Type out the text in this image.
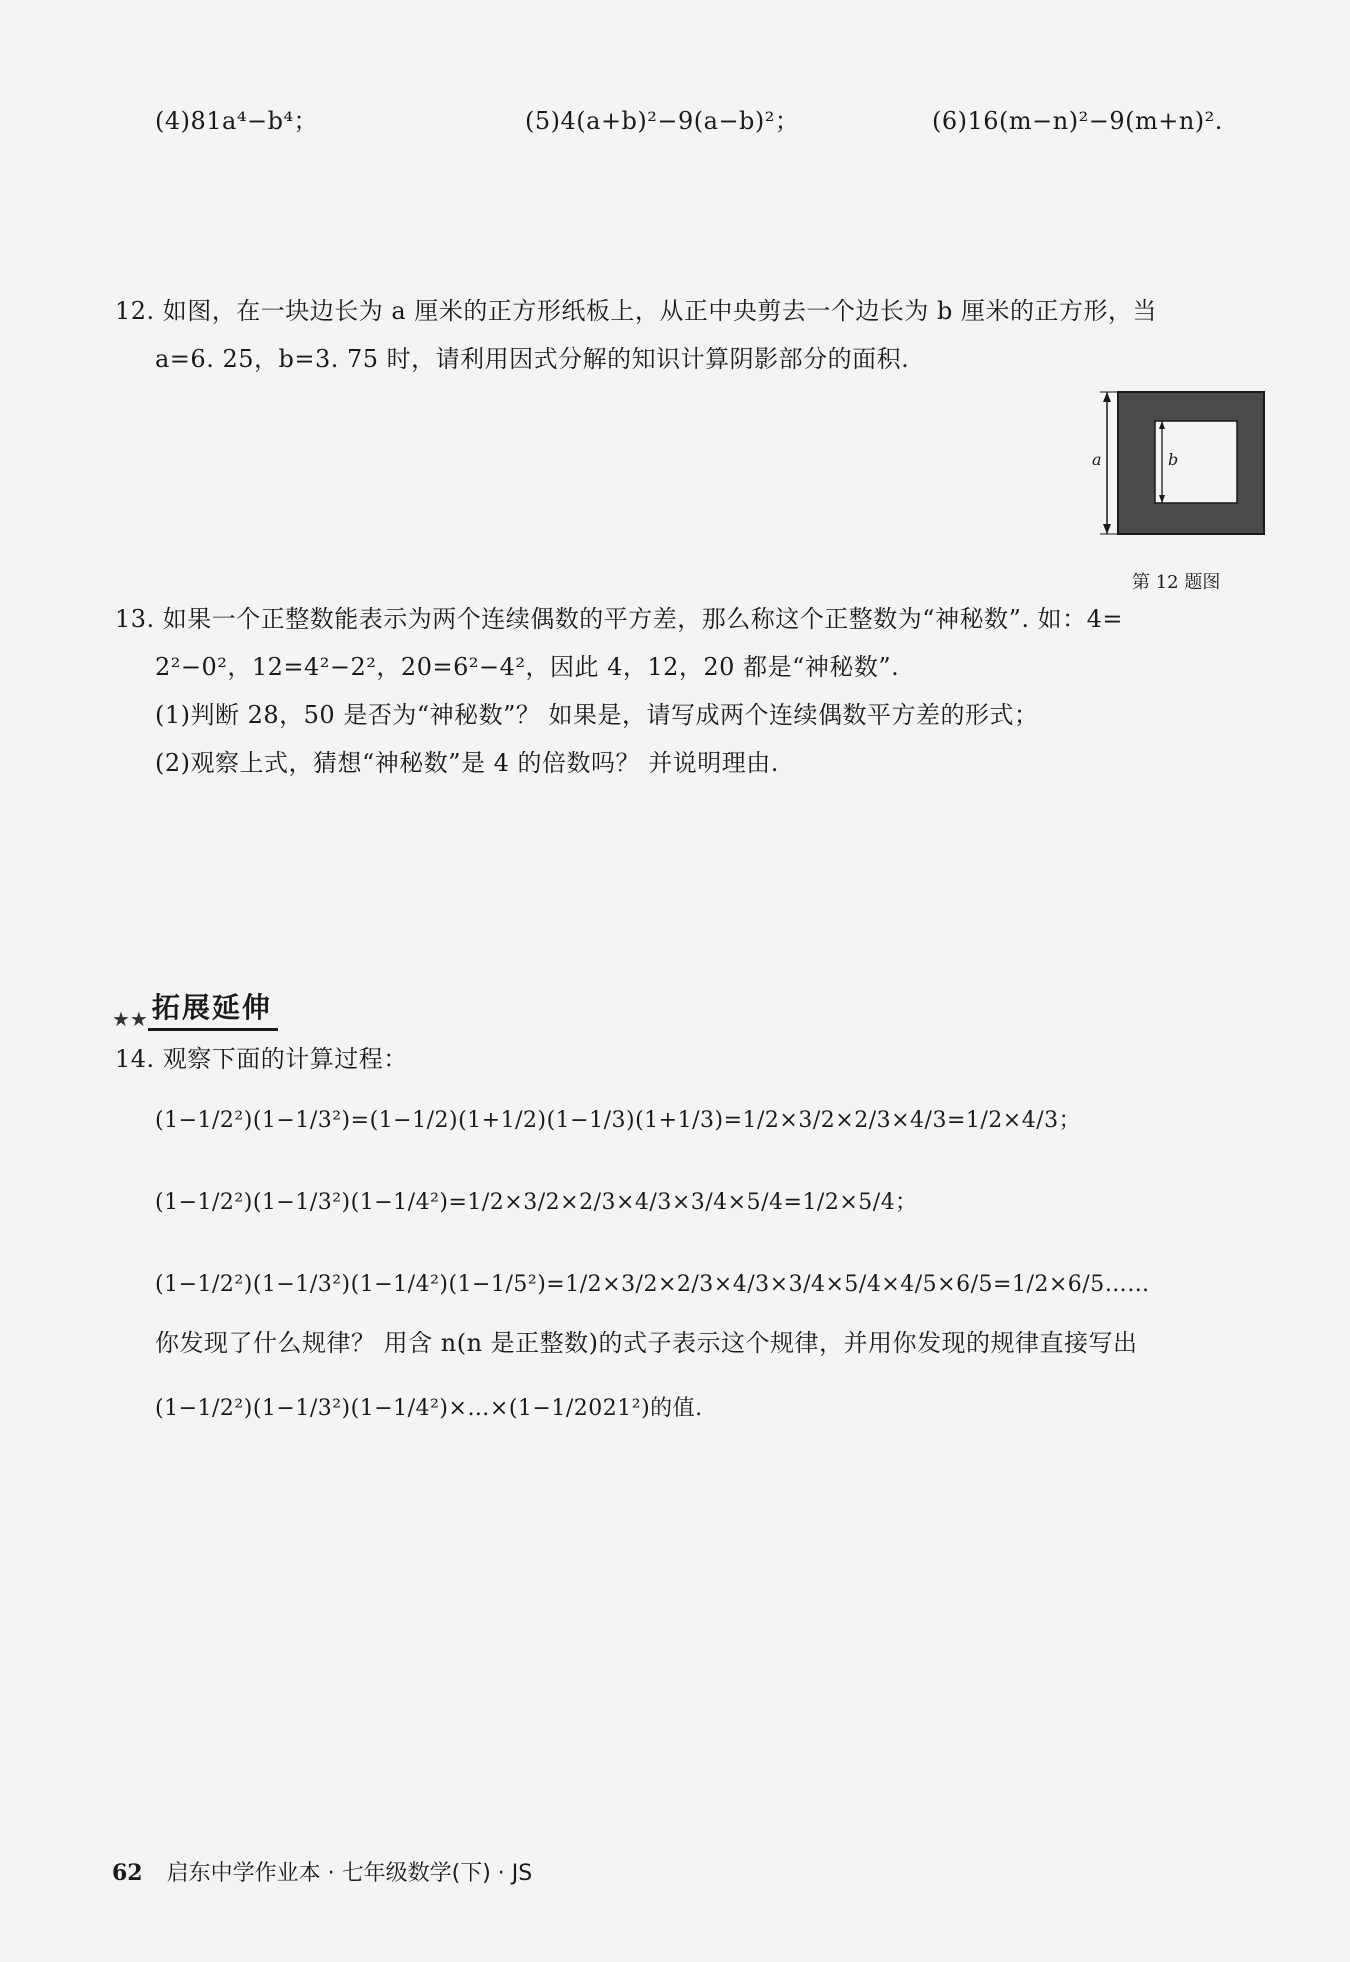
(4)81a⁴−b⁴；	(5)4(a+b)²−9(a−b)²；	(6)16(m−n)²−9(m+n)².
12. 如图，在一块边长为 a 厘米的正方形纸板上，从正中央剪去一个边长为 b 厘米的正方形，当
a=6. 25，b=3. 75 时，请利用因式分解的知识计算阴影部分的面积.
a	b
第 12 题图
13. 如果一个正整数能表示为两个连续偶数的平方差，那么称这个正整数为“神秘数”. 如：4=
2²−0²，12=4²−2²，20=6²−4²，因此 4，12，20 都是“神秘数”.
(1)判断 28，50 是否为“神秘数”？ 如果是，请写成两个连续偶数平方差的形式；
(2)观察上式，猜想“神秘数”是 4 的倍数吗？ 并说明理由.
★★ 拓展延伸
14. 观察下面的计算过程：
(1−1/2²)(1−1/3²)=(1−1/2)(1+1/2)(1−1/3)(1+1/3)=1/2×3/2×2/3×4/3=1/2×4/3；
(1−1/2²)(1−1/3²)(1−1/4²)=1/2×3/2×2/3×4/3×3/4×5/4=1/2×5/4；
(1−1/2²)(1−1/3²)(1−1/4²)(1−1/5²)=1/2×3/2×2/3×4/3×3/4×5/4×4/5×6/5=1/2×6/5……
你发现了什么规律？ 用含 n(n 是正整数)的式子表示这个规律，并用你发现的规律直接写出
(1−1/2²)(1−1/3²)(1−1/4²)×…×(1−1/2021²)的值.
62 启东中学作业本 · 七年级数学(下) · JS
